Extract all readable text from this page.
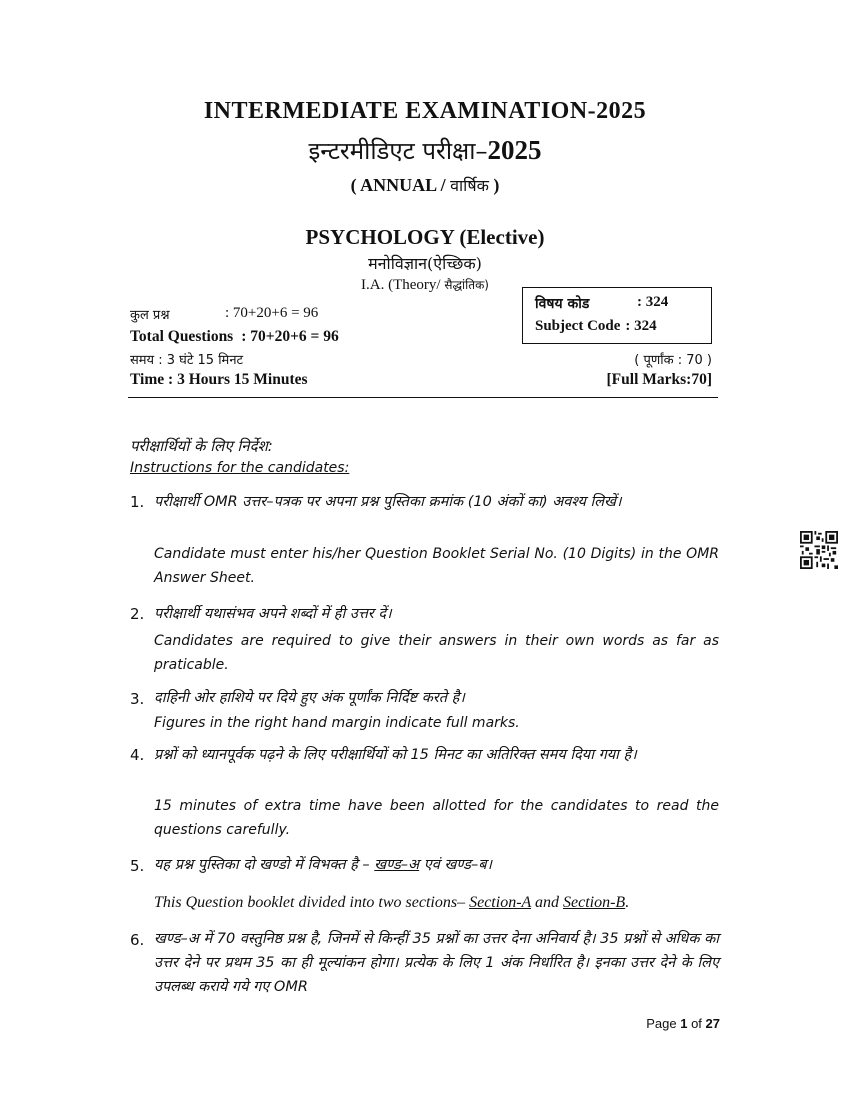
INTERMEDIATE EXAMINATION-2025
इन्टरमीडिएट परीक्षा–2025
( ANNUAL / वार्षिक )
PSYCHOLOGY (Elective)
मनोविज्ञान(ऐच्छिक)
I.A. (Theory/ सैद्धांतिक)
विषय कोड	: 324
Subject Code : 324
कुल प्रश्न	: 70+20+6 = 96
Total Questions : 70+20+6 = 96
समय : 3 घंटे 15 मिनट	( पूर्णांक : 70 )
Time : 3 Hours 15 Minutes	[Full Marks:70]
परीक्षार्थियों के लिए निर्देश:
Instructions for the candidates:
1. परीक्षार्थी OMR उत्तर–पत्रक पर अपना प्रश्न पुस्तिका क्रमांक (10 अंकों का) अवश्य लिखें।
Candidate must enter his/her Question Booklet Serial No. (10 Digits) in the OMR Answer Sheet.
2. परीक्षार्थी यथासंभव अपने शब्दों में ही उत्तर दें।
Candidates are required to give their answers in their own words as far as praticable.
3. दाहिनी ओर हाशिये पर दिये हुए अंक पूर्णांक निर्दिष्ट करते है।
Figures in the right hand margin indicate full marks.
4. प्रश्नों को ध्यानपूर्वक पढ़ने के लिए परीक्षार्थियों को 15 मिनट का अतिरिक्त समय दिया गया है।
15 minutes of extra time have been allotted for the candidates to read the questions carefully.
5. यह प्रश्न पुस्तिका दो खण्डो में विभक्त है – खण्ड–अ एवं खण्ड–ब।
This Question booklet divided into two sections– Section-A and Section-B.
6. खण्ड–अ में 70 वस्तुनिष्ठ प्रश्न है, जिनमें से किन्हीं 35 प्रश्नों का उत्तर देना अनिवार्य है। 35 प्रश्नों से अधिक का उत्तर देने पर प्रथम 35 का ही मूल्यांकन होगा। प्रत्येक के लिए 1 अंक निर्धारित है। इनका उत्तर देने के लिए उपलब्ध कराये गये गए OMR
Page 1 of 27
